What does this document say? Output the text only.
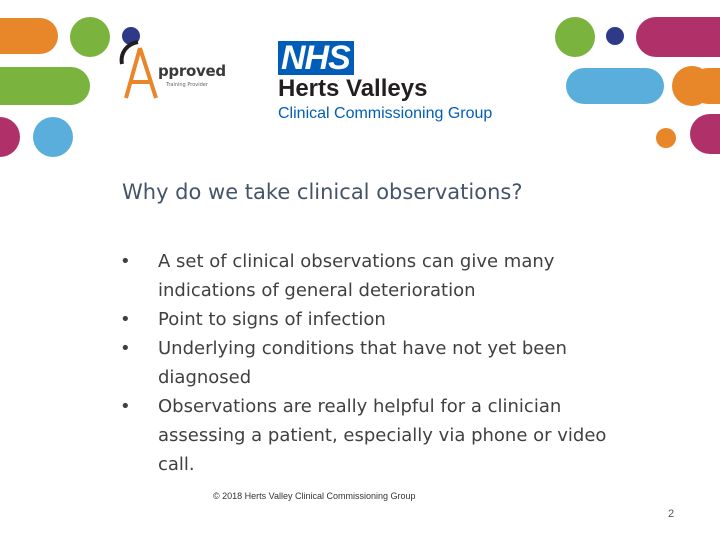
pproved
Training Provider
NHS
Herts Valleys
Clinical Commissioning Group
Why do we take clinical observations?
• A set of clinical observations can give many indications of general deterioration
• Point to signs of infection
• Underlying conditions that have not yet been diagnosed
• Observations are really helpful for a clinician assessing a patient, especially via phone or video call.
© 2018 Herts Valley Clinical Commissioning Group
2
